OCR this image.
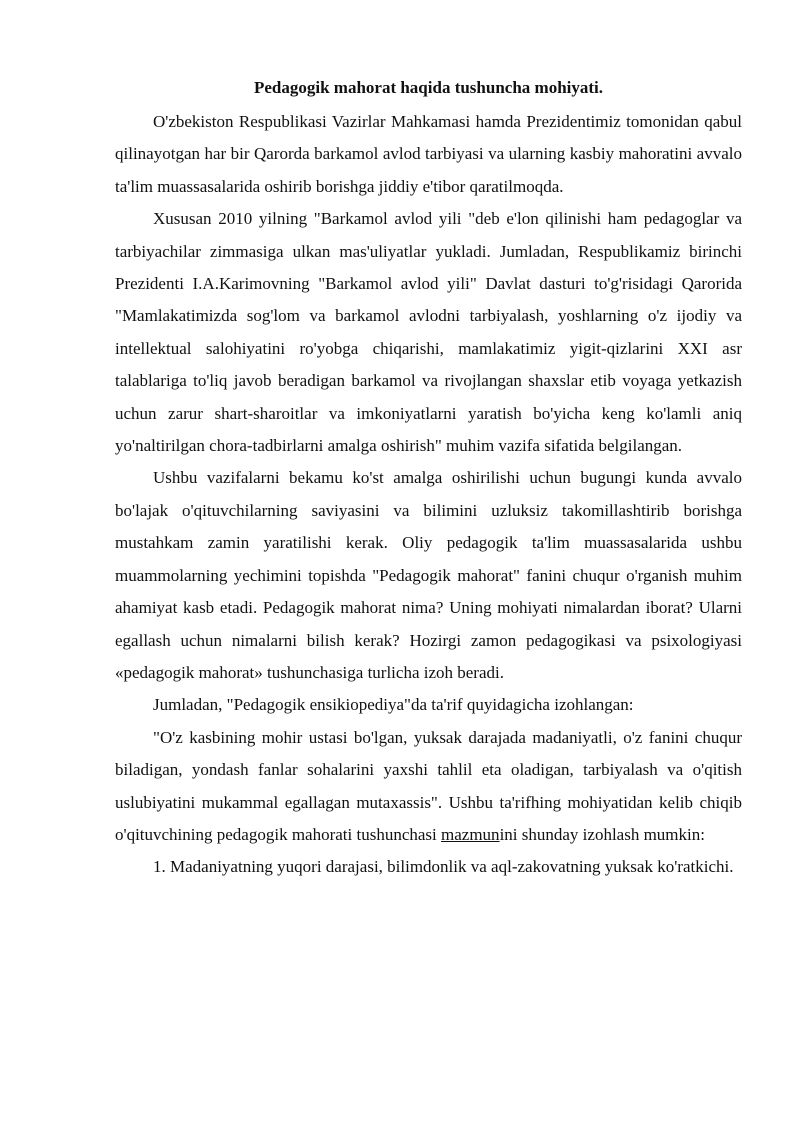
Pedagogik mahorat haqida tushuncha mohiyati.

O'zbekiston Respublikasi Vazirlar Mahkamasi hamda Prezidentimiz tomonidan qabul qilinayotgan har bir Qarorda barkamol avlod tarbiyasi va ularning kasbiy mahoratini avvalo ta'lim muassasalarida oshirib borishga jiddiy e'tibor qaratilmoqda.

Xususan 2010 yilning "Barkamol avlod yili "deb e'lon qilinishi ham pedagoglar va tarbiyachilar zimmasiga ulkan mas'uliyatlar yukladi. Jumladan, Respublikamiz birinchi Prezidenti I.A.Karimovning "Barkamol avlod yili" Davlat dasturi to'g'risidagi Qarorida "Mamlakatimizda sog'lom va barkamol avlodni tarbiyalash, yoshlarning o'z ijodiy va intellektual salohiyatini ro'yobga chiqarishi, mamlakatimiz yigit-qizlarini XXI asr talablariga to'liq javob beradigan barkamol va rivojlangan shaxslar etib voyaga yetkazish uchun zarur shart-sharoitlar va imkoniyatlarni yaratish bo'yicha keng ko'lamli aniq yo'naltirilgan chora-tadbirlarni amalga oshirish" muhim vazifa sifatida belgilangan.

Ushbu vazifalarni bekamu ko'st amalga oshirilishi uchun bugungi kunda avvalo bo'lajak o'qituvchilarning saviyasini va bilimini uzluksiz takomillashtirib borishga mustahkam zamin yaratilishi kerak. Oliy pedagogik ta'lim muassasalarida ushbu muammolarning yechimini topishda "Pedagogik mahorat" fanini chuqur o'rganish muhim ahamiyat kasb etadi. Pedagogik mahorat nima? Uning mohiyati nimalardan iborat? Ularni egallash uchun nimalarni bilish kerak? Hozirgi zamon pedagogikasi va psixologiyasi «pedagogik mahorat» tushunchasiga turlicha izoh beradi.

Jumladan, "Pedagogik ensikiopediya"da ta'rif quyidagicha izohlangan:

"O'z kasbining mohir ustasi bo'lgan, yuksak darajada madaniyatli, o'z fanini chuqur biladigan, yondash fanlar sohalarini yaxshi tahlil eta oladigan, tarbiyalash va o'qitish uslubiyatini mukammal egallagan mutaxassis". Ushbu ta'rifhing mohiyatidan kelib chiqib o'qituvchining pedagogik mahorati tushunchasi mazmunini shunday izohlash mumkin:

1. Madaniyatning yuqori darajasi, bilimdonlik va aql-zakovatning yuksak ko'ratkichi.
